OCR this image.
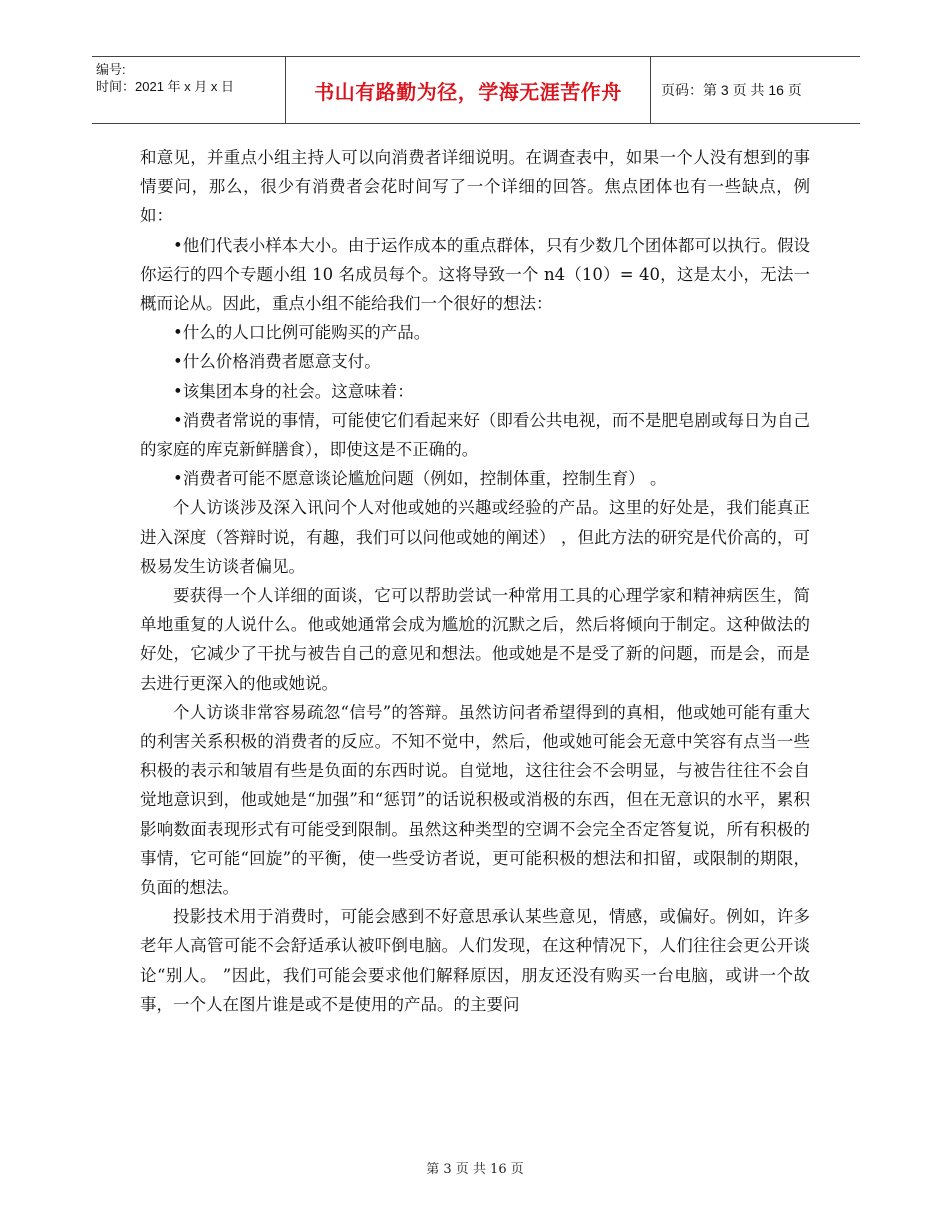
编号:
时间：2021 年 x 月 x 日	书山有路勤为径，学海无涯苦作舟	页码：第 3 页 共 16 页

和意见，并重点小组主持人可以向消费者详细说明。在调查表中，如果一个人没有想到的事情要问，那么，很少有消费者会花时间写了一个详细的回答。焦点团体也有一些缺点，例如：

•他们代表小样本大小。由于运作成本的重点群体，只有少数几个团体都可以执行。假设你运行的四个专题小组 10 名成员每个。这将导致一个 n4（10）= 40，这是太小，无法一概而论从。因此，重点小组不能给我们一个很好的想法：

•什么的人口比例可能购买的产品。

•什么价格消费者愿意支付。

•该集团本身的社会。这意味着：

•消费者常说的事情，可能使它们看起来好（即看公共电视，而不是肥皂剧或每日为自己的家庭的库克新鲜膳食），即使这是不正确的。

•消费者可能不愿意谈论尴尬问题（例如，控制体重，控制生育） 。

个人访谈涉及深入讯问个人对他或她的兴趣或经验的产品。这里的好处是，我们能真正进入深度（答辩时说，有趣，我们可以问他或她的阐述） ，但此方法的研究是代价高的，可极易发生访谈者偏见。

要获得一个人详细的面谈，它可以帮助尝试一种常用工具的心理学家和精神病医生，简单地重复的人说什么。他或她通常会成为尴尬的沉默之后，然后将倾向于制定。这种做法的好处，它减少了干扰与被告自己的意见和想法。他或她是不是受了新的问题，而是会，而是去进行更深入的他或她说。

个人访谈非常容易疏忽“信号”的答辩。虽然访问者希望得到的真相，他或她可能有重大的利害关系积极的消费者的反应。不知不觉中，然后，他或她可能会无意中笑容有点当一些积极的表示和皱眉有些是负面的东西时说。自觉地，这往往会不会明显，与被告往往不会自觉地意识到，他或她是“加强”和“惩罚”的话说积极或消极的东西，但在无意识的水平，累积影响数面表现形式有可能受到限制。虽然这种类型的空调不会完全否定答复说，所有积极的事情，它可能“回旋”的平衡，使一些受访者说，更可能积极的想法和扣留，或限制的期限，负面的想法。

投影技术用于消费时，可能会感到不好意思承认某些意见，情感，或偏好。例如，许多老年人高管可能不会舒适承认被吓倒电脑。人们发现，在这种情况下，人们往往会更公开谈论“别人。 ”因此，我们可能会要求他们解释原因，朋友还没有购买一台电脑，或讲一个故事，一个人在图片谁是或不是使用的产品。的主要问

第 3 页 共 16 页
